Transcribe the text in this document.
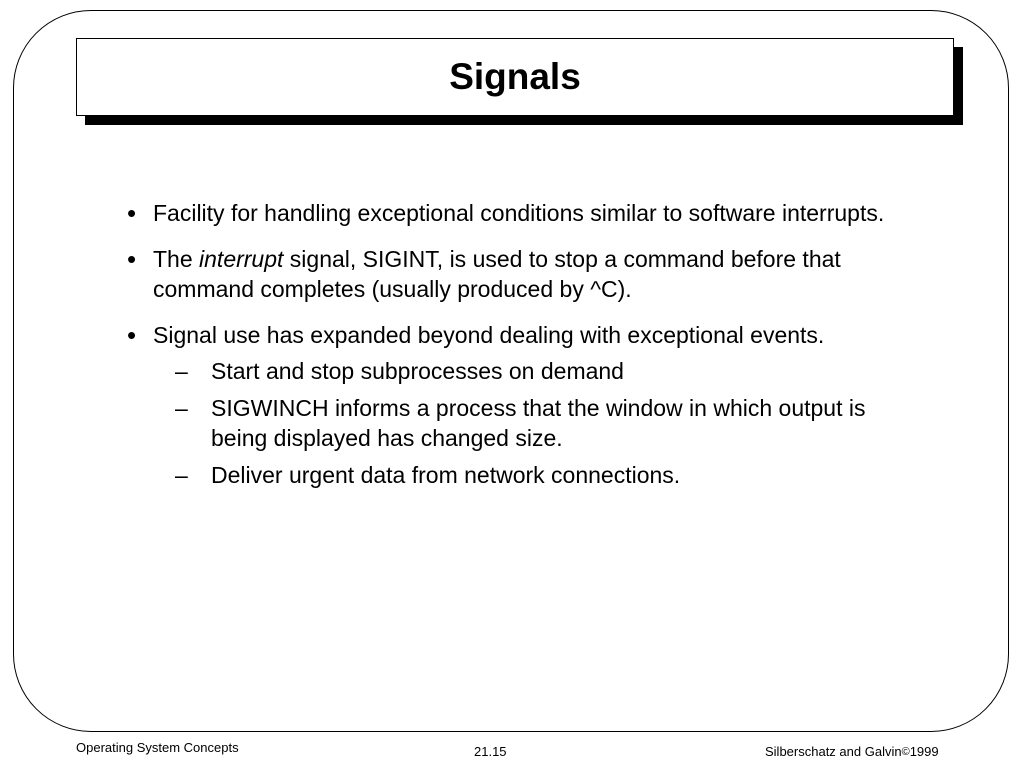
Signals
• Facility for handling exceptional conditions similar to software interrupts.
• The interrupt signal, SIGINT, is used to stop a command before that command completes (usually produced by ^C).
• Signal use has expanded beyond dealing with exceptional events.
– Start and stop subprocesses on demand
– SIGWINCH informs a process that the window in which output is being displayed has changed size.
– Deliver urgent data from network connections.
Operating System Concepts	21.15	Silberschatz and Galvin©1999
